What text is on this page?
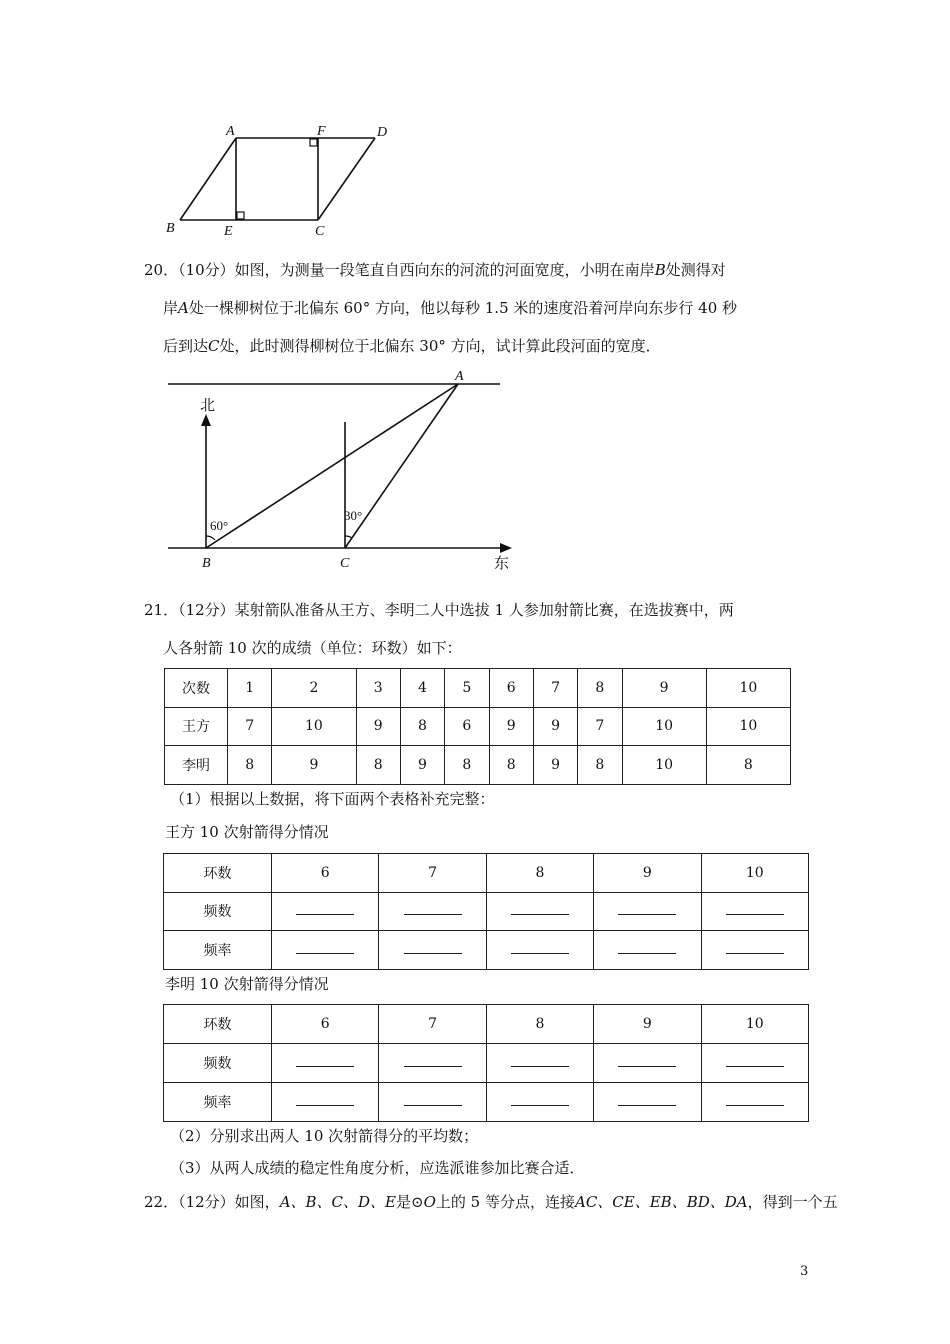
A	F	D
B	E	C
20．（10分）如图，为测量一段笔直自西向东的河流的河面宽度，小明在南岸B处测得对
岸A处一棵柳树位于北偏东 60° 方向，他以每秒 1.5 米的速度沿着河岸向东步行 40 秒
后到达C处，此时测得柳树位于北偏东 30° 方向，试计算此段河面的宽度．
北
东
60°
30°
A
B	C
21．（12分）某射箭队准备从王方、李明二人中选拔 1 人参加射箭比赛，在选拔赛中，两
人各射箭 10 次的成绩（单位：环数）如下：
次数	1	2	3	4	5	6	7	8	9	10
王方	7	10	9	8	6	9	9	7	10	10
李明	8	9	8	9	8	8	9	8	10	8
（1）根据以上数据，将下面两个表格补充完整：
王方 10 次射箭得分情况
环数	6	7	8	9	10
频数					
频率					
李明 10 次射箭得分情况
环数	6	7	8	9	10
频数					
频率					
（2）分别求出两人 10 次射箭得分的平均数；
（3）从两人成绩的稳定性角度分析，应选派谁参加比赛合适．
22．（12分）如图，A、B、C、D、E是⊙O上的 5 等分点，连接AC、CE、EB、BD、DA，得到一个五
3
